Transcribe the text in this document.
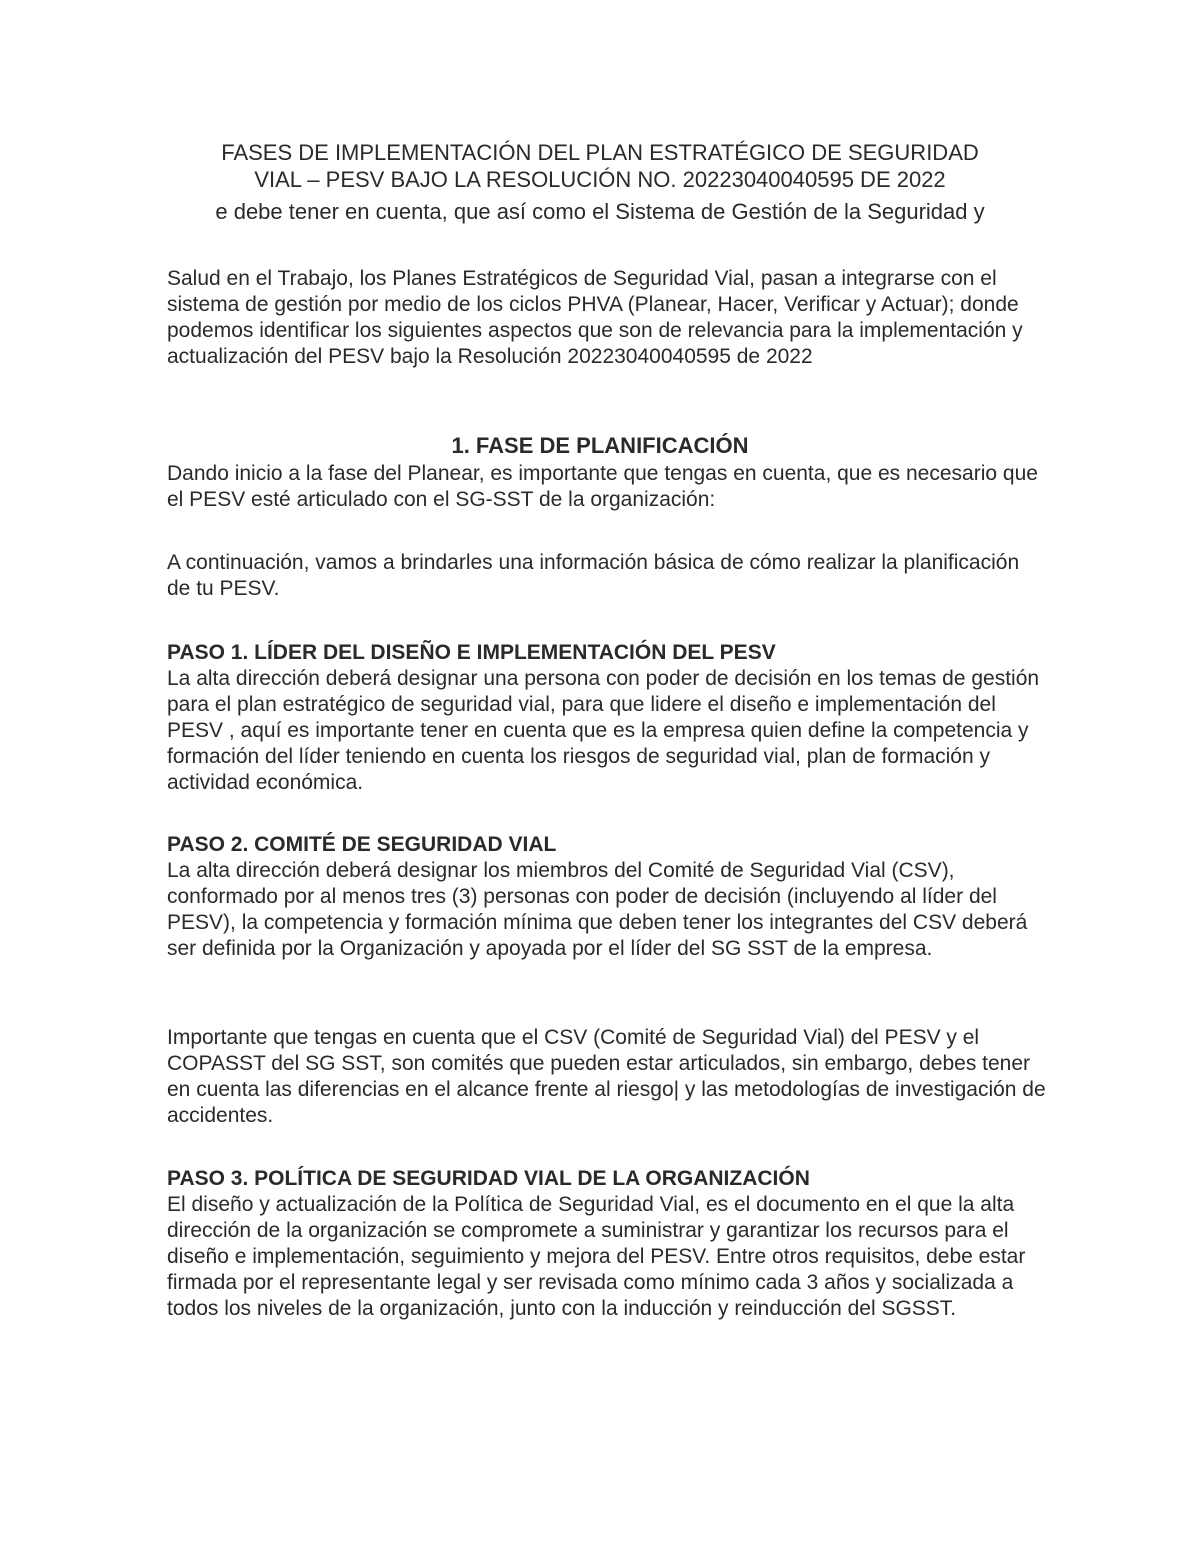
FASES DE IMPLEMENTACIÓN DEL PLAN ESTRATÉGICO DE SEGURIDAD
VIAL – PESV BAJO LA RESOLUCIÓN NO. 20223040040595 DE 2022
e debe tener en cuenta, que así como el Sistema de Gestión de la Seguridad y

Salud en el Trabajo, los Planes Estratégicos de Seguridad Vial, pasan a integrarse con el sistema de gestión por medio de los ciclos PHVA (Planear, Hacer, Verificar y Actuar); donde podemos identificar los siguientes aspectos que son de relevancia para la implementación y actualización del PESV bajo la Resolución 20223040040595 de 2022

1. FASE DE PLANIFICACIÓN

Dando inicio a la fase del Planear, es importante que tengas en cuenta, que es necesario que el PESV esté articulado con el SG-SST de la organización:

A continuación, vamos a brindarles una información básica de cómo realizar la planificación de tu PESV.

PASO 1. LÍDER DEL DISEÑO E IMPLEMENTACIÓN DEL PESV

La alta dirección deberá designar una persona con poder de decisión en los temas de gestión para el plan estratégico de seguridad vial, para que lidere el diseño e implementación del PESV , aquí es importante tener en cuenta que es la empresa quien define la competencia y formación del líder teniendo en cuenta los riesgos de seguridad vial, plan de formación y actividad económica.

PASO 2. COMITÉ DE SEGURIDAD VIAL

La alta dirección deberá designar los miembros del Comité de Seguridad Vial (CSV), conformado por al menos tres (3) personas con poder de decisión (incluyendo al líder del PESV), la competencia y formación mínima que deben tener los integrantes del CSV deberá ser definida por la Organización y apoyada por el líder del SG SST de la empresa.

Importante que tengas en cuenta que el CSV (Comité de Seguridad Vial) del PESV y el COPASST del SG SST, son comités que pueden estar articulados, sin embargo, debes tener en cuenta las diferencias en el alcance frente al riesgo| y las metodologías de investigación de accidentes.

PASO 3. POLÍTICA DE SEGURIDAD VIAL DE LA ORGANIZACIÓN

El diseño y actualización de la Política de Seguridad Vial, es el documento en el que la alta dirección de la organización se compromete a suministrar y garantizar los recursos para el diseño e implementación, seguimiento y mejora del PESV. Entre otros requisitos, debe estar firmada por el representante legal y ser revisada como mínimo cada 3 años y socializada a todos los niveles de la organización, junto con la inducción y reinducción del SGSST.
